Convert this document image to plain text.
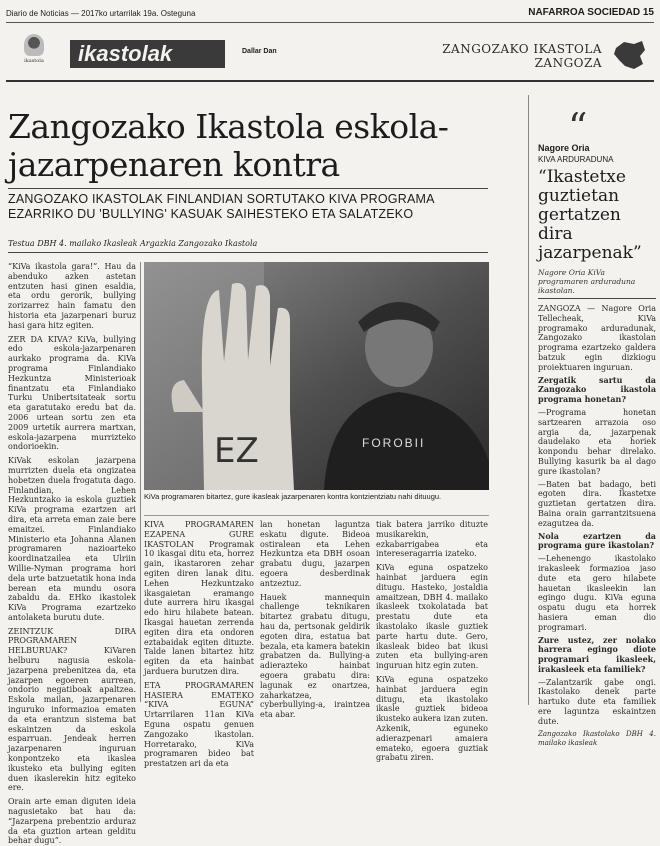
Diario de Noticias — 2017ko urtarrilak 19a. Osteguna	NAFARROA SOCIEDAD 15
ikastola	ikastolak	Dallar Dan	ZANGOZAKO IKASTOLA
ZANGOZA
Zangozako Ikastola eskola-jazarpenaren kontra
ZANGOZAKO IKASTOLAK FINLANDIAN SORTUTAKO KIVA PROGRAMA EZARRIKO DU 'BULLYING' KASUAK SAIHESTEKO ETA SALATZEKO
Testua DBH 4. mailako Ikasleak Argazkia Zangozako Ikastola

“KiVa ikastola gara!”. Hau da abenduko azken astetan entzuten hasi ginen esaldia, eta ordu gerorik, bullying zorizarrez hain famatu den historia eta jazarpenari buruz hasi gara hitz egiten.

ZER DA KIVA? KiVa, bullying edo eskola-jazarpenaren aurkako programa da. KiVa programa Finlandiako Hezkuntza Ministerioak finantzatu eta Finlandiako Turku Unibertsitateak sortu eta garatutako eredu bat da. 2006 urtean sortu zen eta 2009 urtetik aurrera martxan, eskola-jazarpena murrizteko ondorioekin.

KiVak eskolan jazarpena murrizten duela eta ongizatea hobetzen duela frogatuta dago. Finlandian, Lehen Hezkuntzako ia eskola guztiek KiVa programa ezartzen ari dira, eta arreta eman zaie bere emaitzei. Finlandiako Ministerio eta Johanna Alanen programaren nazioarteko koordinatzailea eta Ulriin Willie-Nyman programa hori dela urte batzuetatik hona inda berean eta mundu osora zabaldu da. EHko ikastolek KiVa Programa ezartzeko antolaketa burutu dute.

ZEINTZUK DIRA PROGRAMAREN HELBURUAK? KiVaren helburu nagusia eskola-jazarpena prebenitzea da, eta jazarpen egoeren aurrean, ondorio negatiboak apaltzea. Eskola mailan, jazarpenaren inguruko informazioa ematen da eta erantzun sistema bat eskaintzen da eskola esparruan. Jendeak herren jazarpenaren inguruan konpontzeko eta ikaslea ikusteko eta bullying egiten duen ikaslerekin hitz egiteko ere.

Orain arte eman diguten ideia nagusietako bat hau da: “Jazarpena prebentzio arduraz da eta guztion artean gelditu behar dugu”.

FOROBII
EZ
KiVa programaren bitartez, gure ikasleak jazarpenaren kontra kontzientziatu nahi dituugu.

KIVA PROGRAMAREN EZAPENA GURE IKASTOLAN Programak 10 ikasgai ditu eta, horrez gain, ikastaroren zehar egiten diren lanak ditu. Lehen Hezkuntzako ikasgaietan eramango dute aurrera hiru ikasgai edo hiru hilabete batean. Ikasgai hauetan zerrenda egiten dira eta ondoren eztabaidak egiten dituzte. Talde lanen bitartez hitz egiten da eta hainbat jarduera burutzen dira.

ETA PROGRAMAREN HASIERA EMATEKO “KIVA EGUNA” Urtarrilaren 11an KiVa Eguna ospatu genuen Zangozako ikastolan. Horretarako, KiVa programaren bideo bat prestatzen ari da eta

lan honetan laguntza eskatu digute. Bideoa ostiralean eta Lehen Hezkuntza eta DBH osoan grabatu dugu, jazarpen egoera desberdinak antzeztuz.

Hauek mannequin challenge teknikaren bitartez grabatu ditugu, hau da, pertsonak geldirik egoten dira, estatua bat bezala, eta kamera batekin grabatzen da. Bullying-a adierazteko hainbat egoera grabatu dira: lagunak ez onartzea, zaharkatzea, cyberbullying-a, iraintzea eta abar.

tiak batera jarriko dituzte musikarekin, ezkabarrigabea eta intereseragarria izateko.

KiVa eguna ospatzeko hainbat jarduera egin ditugu. Hasteko, jostaldia amaitzean, DBH 4. mailako ikasleek txokolatada bat prestatu dute eta ikastolako ikasle guztiek parte hartu dute. Gero, ikasleak bideo bat ikusi zuten eta bullying-aren inguruan hitz egin zuten.

KiVa eguna ospatzeko hainbat jarduera egin ditugu, eta ikastolako ikasle guztiek bideoa ikusteko aukera izan zuten. Azkenik, eguneko adierazpenari amaiera emateko, egoera guztiak grabatu ziren.

“
Nagore Oria
KIVA ARDURADUNA
“Ikastetxe guztietan gertatzen dira jazarpenak”
Nagore Oria KiVa programaren arduraduna ikastolan.

ZANGOZA — Nagore Oria Tellecheak, KiVa programako arduradunak, Zangozako ikastolan programa ezartzeko galdera batzuk egin dizkiogu proiektuaren inguruan.

Zergatik sartu da Zangozako ikastola programa honetan?

—Programa honetan sartzearen arrazoia oso argia da, jazarpenak daudelako eta horiek konpondu behar direlako. Bullying kasurik ba al dago gure ikastolan?

—Baten bat badago, beti egoten dira. Ikastetxe guztietan gertatzen dira. Baina orain garrantzitsuena ezagutzea da.

Nola ezartzen da programa gure ikastolan?

—Lehenengo ikastolako irakasleek formazioa jaso dute eta gero hilabete hauetan ikasleekin lan egingo dugu. KiVa eguna ospatu dugu eta horrek hasiera eman dio programari.

Zure ustez, zer nolako harrera egingo diote programari ikasleek, irakasleek eta familiek?

—Zalantzarik gabe ongi. Ikastolako denek parte hartuko dute eta familiek ere laguntza eskaintzen dute.

Zangozako Ikastolako DBH 4. mailako ikasleak
